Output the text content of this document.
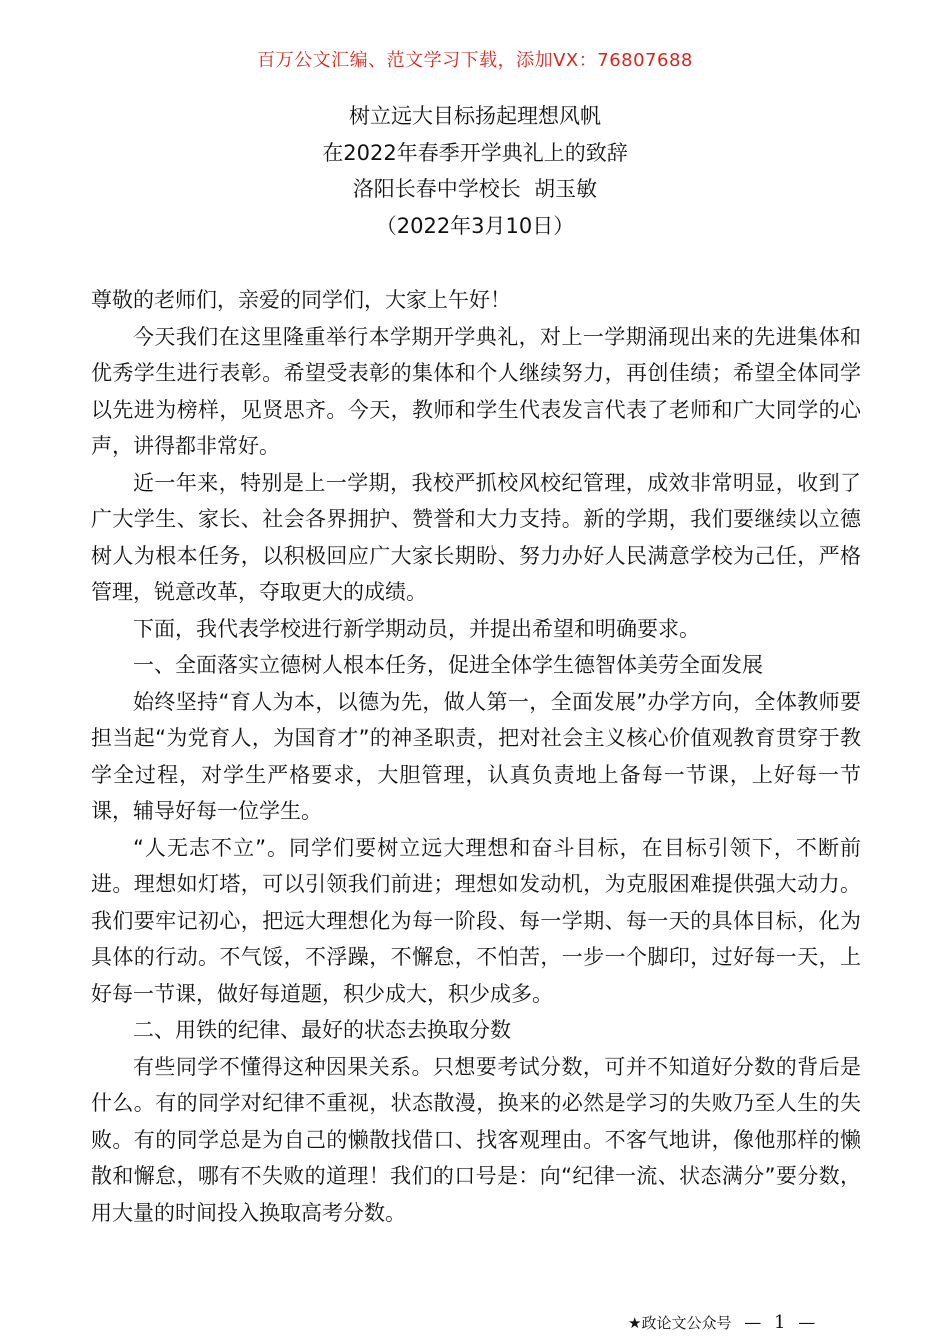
百万公文汇编、范文学习下载，添加VX：76807688
树立远大目标扬起理想风帆
在2022年春季开学典礼上的致辞
洛阳长春中学校长  胡玉敏
（2022年3月10日）

尊敬的老师们，亲爱的同学们，大家上午好！

今天我们在这里隆重举行本学期开学典礼，对上一学期涌现出来的先进集体和优秀学生进行表彰。希望受表彰的集体和个人继续努力，再创佳绩；希望全体同学以先进为榜样，见贤思齐。今天，教师和学生代表发言代表了老师和广大同学的心声，讲得都非常好。

近一年来，特别是上一学期，我校严抓校风校纪管理，成效非常明显，收到了广大学生、家长、社会各界拥护、赞誉和大力支持。新的学期，我们要继续以立德树人为根本任务，以积极回应广大家长期盼、努力办好人民满意学校为己任，严格管理，锐意改革，夺取更大的成绩。

下面，我代表学校进行新学期动员，并提出希望和明确要求。

一、全面落实立德树人根本任务，促进全体学生德智体美劳全面发展

始终坚持“育人为本，以德为先，做人第一，全面发展”办学方向，全体教师要担当起“为党育人，为国育才”的神圣职责，把对社会主义核心价值观教育贯穿于教学全过程，对学生严格要求，大胆管理，认真负责地上备每一节课，上好每一节课，辅导好每一位学生。

“人无志不立”。同学们要树立远大理想和奋斗目标，在目标引领下，不断前进。理想如灯塔，可以引领我们前进；理想如发动机，为克服困难提供强大动力。我们要牢记初心，把远大理想化为每一阶段、每一学期、每一天的具体目标，化为具体的行动。不气馁，不浮躁，不懈怠，不怕苦，一步一个脚印，过好每一天，上好每一节课，做好每道题，积少成大，积少成多。

二、用铁的纪律、最好的状态去换取分数

有些同学不懂得这种因果关系。只想要考试分数，可并不知道好分数的背后是什么。有的同学对纪律不重视，状态散漫，换来的必然是学习的失败乃至人生的失败。有的同学总是为自己的懒散找借口、找客观理由。不客气地讲，像他那样的懒散和懈怠，哪有不失败的道理！我们的口号是：向“纪律一流、状态满分”要分数，用大量的时间投入换取高考分数。

★政论文公众号 — 1 —
